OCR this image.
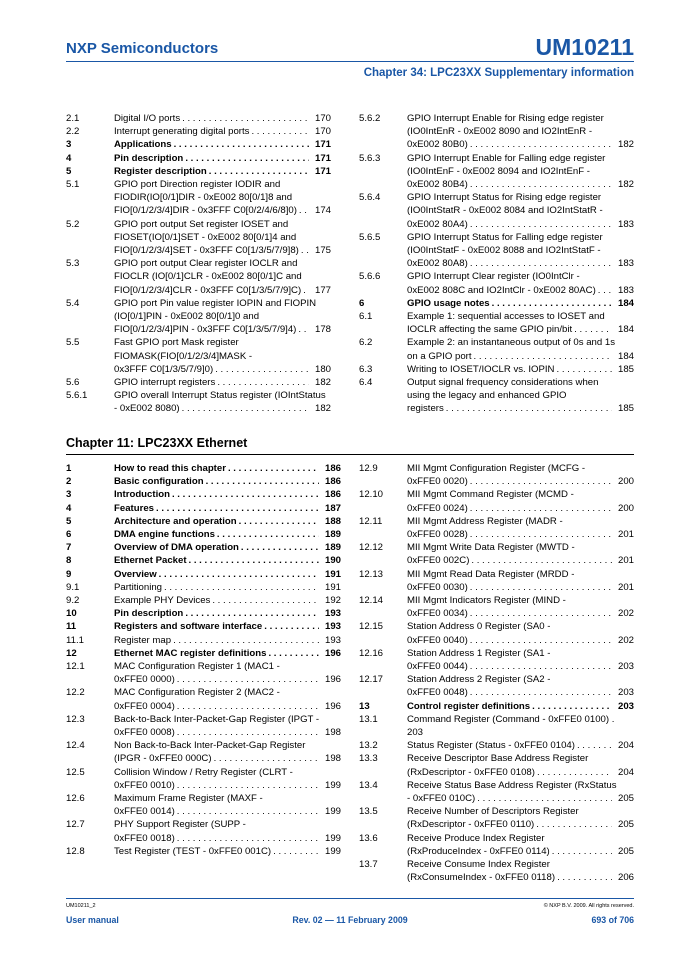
NXP Semiconductors	UM10211
Chapter 34: LPC23XX Supplementary information
2.1	Digital I/O ports . . .	170
2.2	Interrupt generating digital ports . . .	170
3	Applications . . .	171
4	Pin description . . .	171
5	Register description . . .	171
5.1	GPIO port Direction register IODIR and
FIODIR(IO[0/1]DIR - 0xE002 80[0/1]8 and
FIO[0/1/2/3/4]DIR - 0x3FFF C0[0/2/4/6/8]0) . . .	174
5.2	GPIO port output Set register IOSET and
FIOSET(IO[0/1]SET - 0xE002 80[0/1]4 and
FIO[0/1/2/3/4]SET - 0x3FFF C0[1/3/5/7/9]8) . . .	175
5.3	GPIO port output Clear register IOCLR and
FIOCLR (IO[0/1]CLR - 0xE002 80[0/1]C and
FIO[0/1/2/3/4]CLR - 0x3FFF C0[1/3/5/7/9]C) . . .	177
5.4	GPIO port Pin value register IOPIN and FIOPIN
(IO[0/1]PIN - 0xE002 80[0/1]0 and
FIO[0/1/2/3/4]PIN - 0x3FFF C0[1/3/5/7/9]4) . . .	178
5.5	Fast GPIO port Mask register
FIOMASK(FIO[0/1/2/3/4]MASK -
0x3FFF C0[1/3/5/7/9]0) . . .	180
5.6	GPIO interrupt registers . . .	182
5.6.1	GPIO overall Interrupt Status register (IOIntStatus
- 0xE002 8080) . . .	182
5.6.2	GPIO Interrupt Enable for Rising edge register
(IO0IntEnR - 0xE002 8090 and IO2IntEnR -
0xE002 80B0) . . .	182
5.6.3	GPIO Interrupt Enable for Falling edge register
(IO0IntEnF - 0xE002 8094 and IO2IntEnF -
0xE002 80B4) . . .	182
5.6.4	GPIO Interrupt Status for Rising edge register
(IO0IntStatR - 0xE002 8084 and IO2IntStatR -
0xE002 80A4) . . .	183
5.6.5	GPIO Interrupt Status for Falling edge register
(IO0IntStatF - 0xE002 8088 and IO2IntStatF -
0xE002 80A8) . . .	183
5.6.6	GPIO Interrupt Clear register (IO0IntClr -
0xE002 808C and IO2IntClr - 0xE002 80AC) . . .	183
6	GPIO usage notes . . .	184
6.1	Example 1: sequential accesses to IOSET and
IOCLR affecting the same GPIO pin/bit . . .	184
6.2	Example 2: an instantaneous output of 0s and 1s
on a GPIO port . . .	184
6.3	Writing to IOSET/IOCLR vs. IOPIN . . .	185
6.4	Output signal frequency considerations when
using the legacy and enhanced GPIO
registers . . .	185
Chapter 11: LPC23XX Ethernet
1	How to read this chapter . . .	186
2	Basic configuration . . .	186
3	Introduction . . .	186
4	Features . . .	187
5	Architecture and operation . . .	188
6	DMA engine functions . . .	189
7	Overview of DMA operation . . .	189
8	Ethernet Packet . . .	190
9	Overview . . .	191
9.1	Partitioning . . .	191
9.2	Example PHY Devices . . .	192
10	Pin description . . .	193
11	Registers and software interface . . .	193
11.1	Register map . . .	193
12	Ethernet MAC register definitions . . .	196
12.1	MAC Configuration Register 1 (MAC1 -
0xFFE0 0000) . . .	196
12.2	MAC Configuration Register 2 (MAC2 -
0xFFE0 0004) . . .	196
12.3	Back-to-Back Inter-Packet-Gap Register (IPGT -
0xFFE0 0008) . . .	198
12.4	Non Back-to-Back Inter-Packet-Gap Register
(IPGR - 0xFFE0 000C) . . .	198
12.5	Collision Window / Retry Register (CLRT -
0xFFE0 0010) . . .	199
12.6	Maximum Frame Register (MAXF -
0xFFE0 0014) . . .	199
12.7	PHY Support Register (SUPP -
0xFFE0 0018) . . .	199
12.8	Test Register (TEST - 0xFFE0 001C) . . .	199
12.9	MII Mgmt Configuration Register (MCFG -
0xFFE0 0020) . . .	200
12.10 MII Mgmt Command Register (MCMD -
0xFFE0 0024) . . .	200
12.11	MII Mgmt Address Register (MADR -
0xFFE0 0028) . . .	201
12.12 MII Mgmt Write Data Register (MWTD -
0xFFE0 002C) . . .	201
12.13 MII Mgmt Read Data Register (MRDD -
0xFFE0 0030) . . .	201
12.14 MII Mgmt Indicators Register (MIND -
0xFFE0 0034) . . .	202
12.15 Station Address 0 Register (SA0 -
0xFFE0 0040) . . .	202
12.16 Station Address 1 Register (SA1 -
0xFFE0 0044) . . .	203
12.17 Station Address 2 Register (SA2 -
0xFFE0 0048) . . .	203
13	Control register definitions . . .	203
13.1	Command Register (Command - 0xFFE0 0100) .
203
13.2	Status Register (Status - 0xFFE0 0104) . . .	204
13.3	Receive Descriptor Base Address Register
(RxDescriptor - 0xFFE0 0108) . . .	204
13.4	Receive Status Base Address Register (RxStatus
- 0xFFE0 010C) . . .	205
13.5	Receive Number of Descriptors Register
(RxDescriptor - 0xFFE0 0110) . . .	205
13.6	Receive Produce Index Register
(RxProduceIndex - 0xFFE0 0114) . . .	205
13.7	Receive Consume Index Register
(RxConsumeIndex - 0xFFE0 0118) . . .	206
UM10211_2	© NXP B.V. 2009. All rights reserved.
User manual	Rev. 02 — 11 February 2009	693 of 706
